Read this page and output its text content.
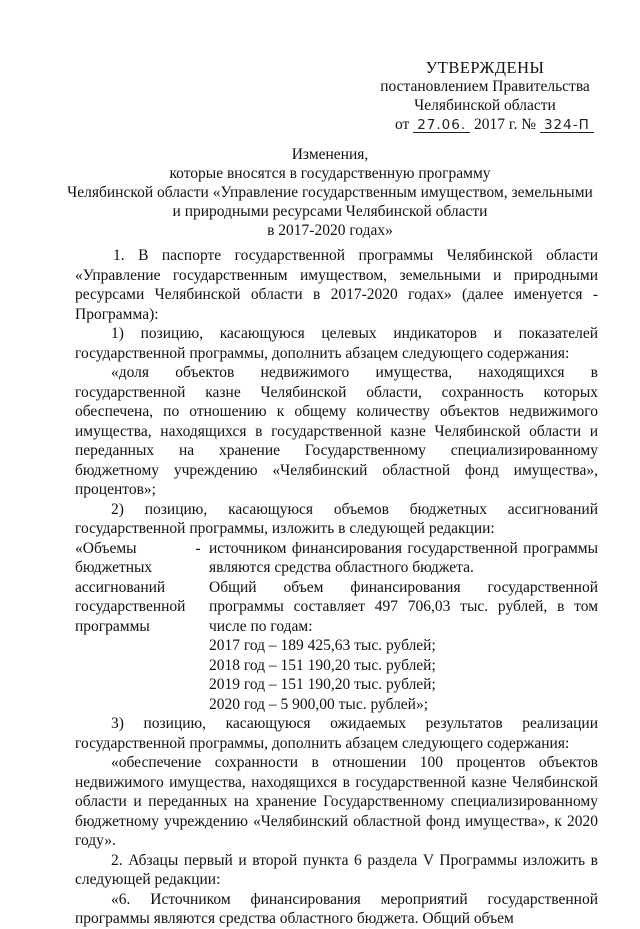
УТВЕРЖДЕНЫ
постановлением Правительства
Челябинской области
от 27.06. 2017 г. № 324-П
Изменения,
которые вносятся в государственную программу
Челябинской области «Управление государственным имуществом, земельными
и природными ресурсами Челябинской области
в 2017-2020 годах»

1. В паспорте государственной программы Челябинской области «Управление государственным имуществом, земельными и природными ресурсами Челябинской области в 2017-2020 годах» (далее именуется - Программа):

1) позицию, касающуюся целевых индикаторов и показателей государственной программы, дополнить абзацем следующего содержания:

«доля объектов недвижимого имущества, находящихся в государственной казне Челябинской области, сохранность которых обеспечена, по отношению к общему количеству объектов недвижимого имущества, находящихся в государственной казне Челябинской области и переданных на хранение Государственному специализированному бюджетному учреждению «Челябинский областной фонд имущества», процентов»;

2) позицию, касающуюся объемов бюджетных ассигнований государственной программы, изложить в следующей редакции:

«Объемы бюджетных ассигнований государственной программы
- источником финансирования государственной программы являются средства областного бюджета.

Общий объем финансирования государственной программы составляет 497 706,03 тыс. рублей, в том числе по годам:

2017 год – 189 425,63 тыс. рублей;
2018 год – 151 190,20 тыс. рублей;
2019 год – 151 190,20 тыс. рублей;
2020 год – 5 900,00 тыс. рублей»;

3) позицию, касающуюся ожидаемых результатов реализации государственной программы, дополнить абзацем следующего содержания:

«обеспечение сохранности в отношении 100 процентов объектов недвижимого имущества, находящихся в государственной казне Челябинской области и переданных на хранение Государственному специализированному бюджетному учреждению «Челябинский областной фонд имущества», к 2020 году».

2. Абзацы первый и второй пункта 6 раздела V Программы изложить в следующей редакции:

«6. Источником финансирования мероприятий государственной программы являются средства областного бюджета. Общий объем
